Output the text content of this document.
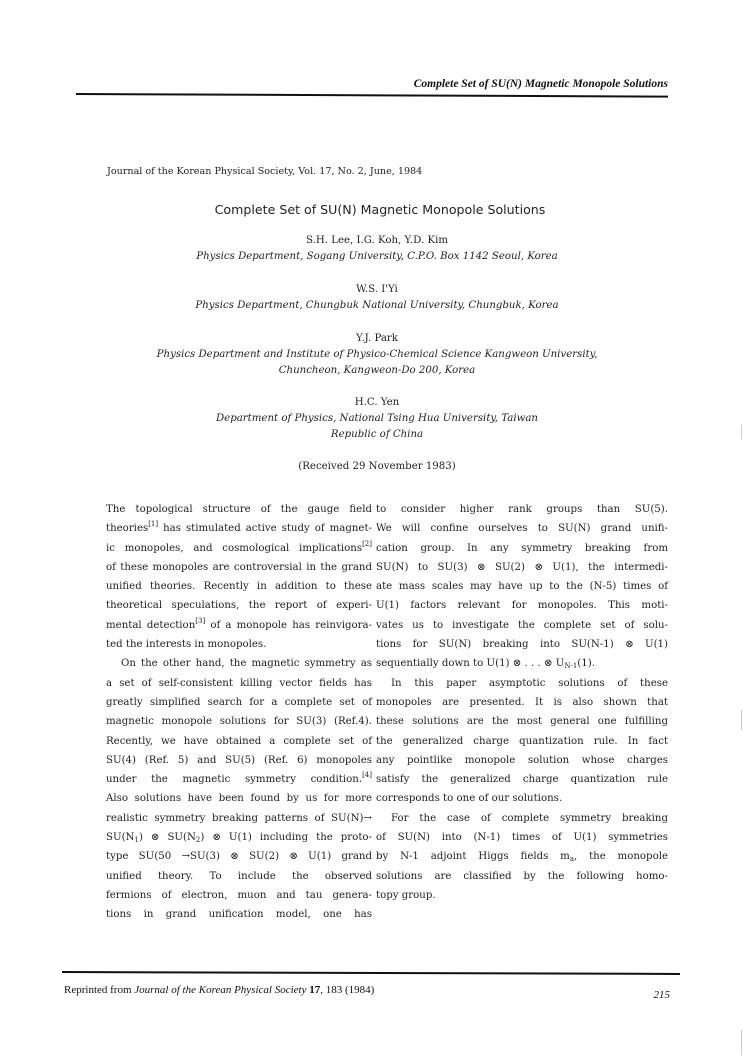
Complete Set of SU(N) Magnetic Monopole Solutions
Journal of the Korean Physical Society, Vol. 17, No. 2, June, 1984
Complete Set of SU(N) Magnetic Monopole Solutions
S.H. Lee, I.G. Koh, Y.D. Kim
Physics Department, Sogang University, C.P.O. Box 1142 Seoul, Korea
W.S. I'Yi
Physics Department, Chungbuk National University, Chungbuk, Korea
Y.J. Park
Physics Department and Institute of Physico-Chemical Science Kangweon University,
Chuncheon, Kangweon-Do 200, Korea
H.C. Yen
Department of Physics, National Tsing Hua University, Taiwan
Republic of China
(Received 29 November 1983)
The topological structure of the gauge field
theories[1] has stimulated active study of magnet-
ic monopoles, and cosmological implications[2]
of these monopoles are controversial in the grand
unified theories. Recently in addition to these
theoretical speculations, the report of experi-
mental detection[3] of a monopole has reinvigora-
ted the interests in monopoles.
On the other hand, the magnetic symmetry as
a set of self-consistent killing vector fields has
greatly simplified search for a complete set of
magnetic monopole solutions for SU(3) (Ref.4).
Recently, we have obtained a complete set of
SU(4) (Ref. 5) and SU(5) (Ref. 6) monopoles
under the magnetic symmetry condition.[4]
Also solutions have been found by us for more
realistic symmetry breaking patterns of SU(N)→
$SU(N_1)$ ⊗ $SU(N_2)$ ⊗ U(1) including the proto-
type SU(50 →SU(3) ⊗ SU(2) ⊗ U(1) grand
unified theory. To include the observed
fermions of electron, muon and tau genera-
tions in grand unification model, one has
to consider higher rank groups than SU(5).
We will confine ourselves to SU(N) grand unifi-
cation group. In any symmetry breaking from
SU(N) to SU(3) ⊗ SU(2) ⊗ U(1), the intermedi-
ate mass scales may have up to the (N-5) times of
U(1) factors relevant for monopoles. This moti-
vates us to investigate the complete set of solu-
tions for SU(N) breaking into SU(N-1) ⊗ U(1)
sequentially down to U(1) ⊗ . . . ⊗ $U_{N-1}(1)$.
In this paper asymptotic solutions of these
monopoles are presented. It is also shown that
these solutions are the most general one fulfilling
the generalized charge quantization rule. In fact
any pointlike monopole solution whose charges
satisfy the generalized charge quantization rule
corresponds to one of our solutions.
For the case of complete symmetry breaking
of SU(N) into (N-1) times of U(1) symmetries
by N-1 adjoint Higgs fields $m_a$, the monopole
solutions are classified by the following homo-
topy group.
Reprinted from Journal of the Korean Physical Society 17, 183 (1984)	215
